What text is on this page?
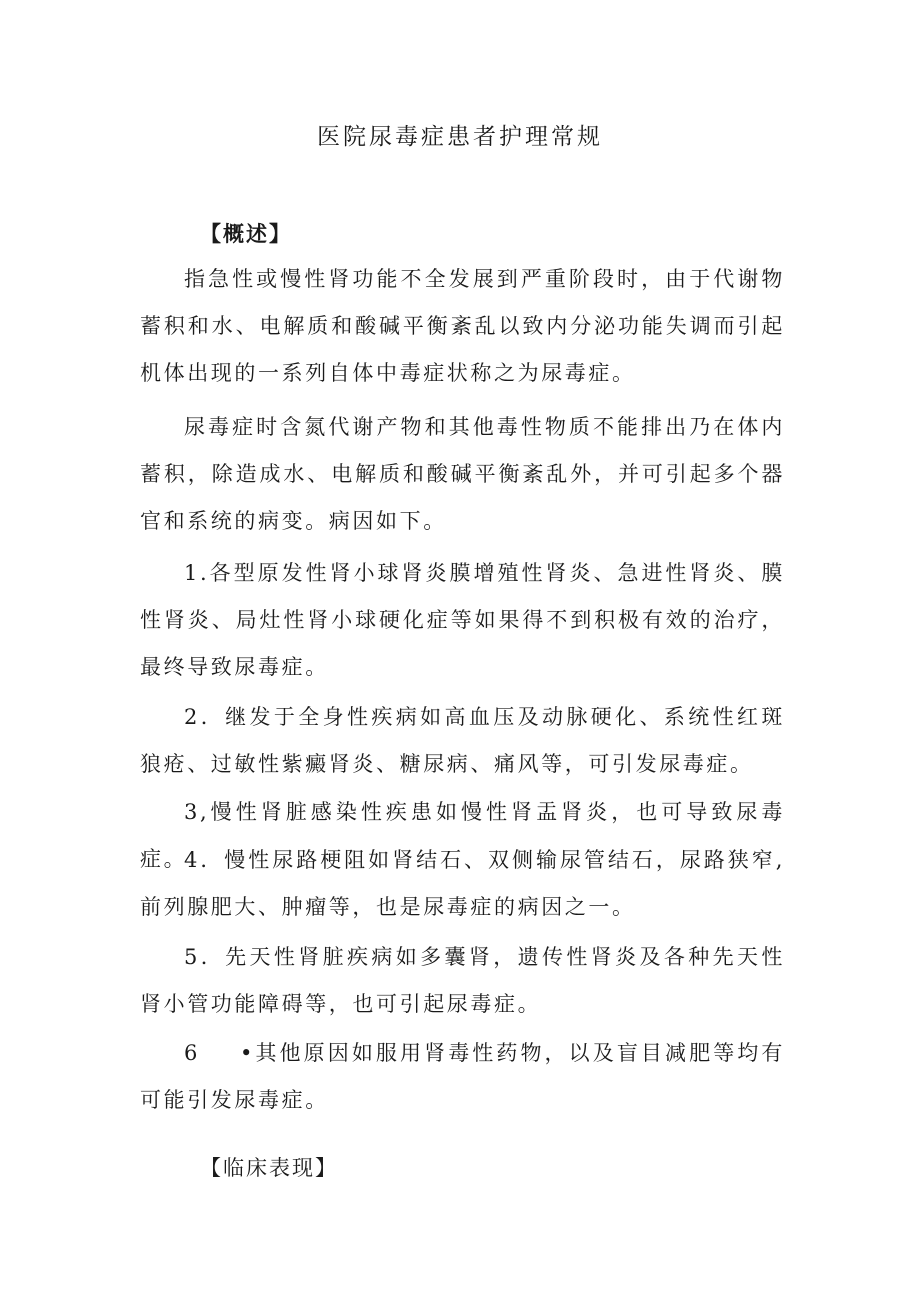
医院尿毒症患者护理常规
【概述】

指急性或慢性肾功能不全发展到严重阶段时，由于代谢物蓄积和水、电解质和酸碱平衡紊乱以致内分泌功能失调而引起机体出现的一系列自体中毒症状称之为尿毒症。

尿毒症时含氮代谢产物和其他毒性物质不能排出乃在体内蓄积，除造成水、电解质和酸碱平衡紊乱外，并可引起多个器官和系统的病变。病因如下。

1.各型原发性肾小球肾炎膜增殖性肾炎、急进性肾炎、膜性肾炎、局灶性肾小球硬化症等如果得不到积极有效的治疗，最终导致尿毒症。

2．继发于全身性疾病如高血压及动脉硬化、系统性红斑狼疮、过敏性紫癜肾炎、糖尿病、痛风等，可引发尿毒症。

3,慢性肾脏感染性疾患如慢性肾盂肾炎，也可导致尿毒症。

4．慢性尿路梗阻如肾结石、双侧输尿管结石，尿路狭窄,前列腺肥大、肿瘤等，也是尿毒症的病因之一。

5．先天性肾脏疾病如多囊肾，遗传性肾炎及各种先天性肾小管功能障碍等，也可引起尿毒症。

6 •其他原因如服用肾毒性药物，以及盲目减肥等均有可能引发尿毒症。

【临床表现】
